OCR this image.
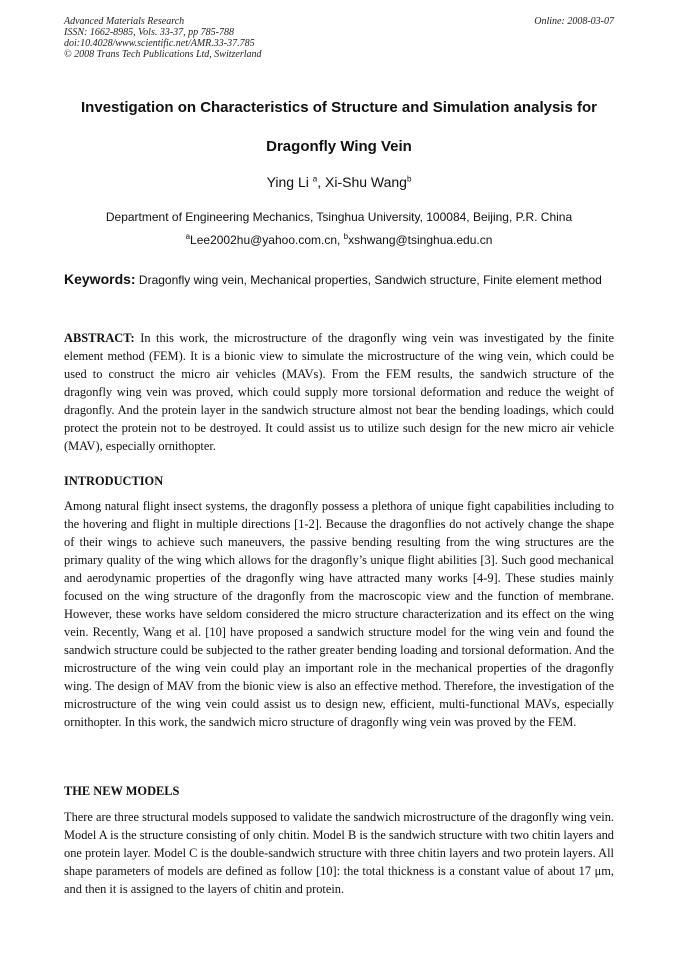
Advanced Materials Research	Online: 2008-03-07
ISSN: 1662-8985, Vols. 33-37, pp 785-788
doi:10.4028/www.scientific.net/AMR.33-37.785
© 2008 Trans Tech Publications Ltd, Switzerland
Investigation on Characteristics of Structure and Simulation analysis for
Dragonfly Wing Vein
Ying Li $^a$, Xi-Shu Wang$^b$
Department of Engineering Mechanics, Tsinghua University, 100084, Beijing, P.R. China
$^a$Lee2002hu@yahoo.com.cn, $^b$xshwang@tsinghua.edu.cn
Keywords: Dragonfly wing vein, Mechanical properties, Sandwich structure, Finite element method
ABSTRACT: In this work, the microstructure of the dragonfly wing vein was investigated by the finite element method (FEM). It is a bionic view to simulate the microstructure of the wing vein, which could be used to construct the micro air vehicles (MAVs). From the FEM results, the sandwich structure of the dragonfly wing vein was proved, which could supply more torsional deformation and reduce the weight of dragonfly. And the protein layer in the sandwich structure almost not bear the bending loadings, which could protect the protein not to be destroyed. It could assist us to utilize such design for the new micro air vehicle (MAV), especially ornithopter.
INTRODUCTION
Among natural flight insect systems, the dragonfly possess a plethora of unique fight capabilities including to the hovering and flight in multiple directions [1-2]. Because the dragonflies do not actively change the shape of their wings to achieve such maneuvers, the passive bending resulting from the wing structures are the primary quality of the wing which allows for the dragonfly’s unique flight abilities [3]. Such good mechanical and aerodynamic properties of the dragonfly wing have attracted many works [4-9]. These studies mainly focused on the wing structure of the dragonfly from the macroscopic view and the function of membrane. However, these works have seldom considered the micro structure characterization and its effect on the wing vein. Recently, Wang et al. [10] have proposed a sandwich structure model for the wing vein and found the sandwich structure could be subjected to the rather greater bending loading and torsional deformation. And the microstructure of the wing vein could play an important role in the mechanical properties of the dragonfly wing. The design of MAV from the bionic view is also an effective method. Therefore, the investigation of the microstructure of the wing vein could assist us to design new, efficient, multi-functional MAVs, especially ornithopter. In this work, the sandwich micro structure of dragonfly wing vein was proved by the FEM.
THE NEW MODELS
There are three structural models supposed to validate the sandwich microstructure of the dragonfly wing vein. Model A is the structure consisting of only chitin. Model B is the sandwich structure with two chitin layers and one protein layer. Model C is the double-sandwich structure with three chitin layers and two protein layers. All shape parameters of models are defined as follow [10]: the total thickness is a constant value of about 17 μm, and then it is assigned to the layers of chitin and protein.
